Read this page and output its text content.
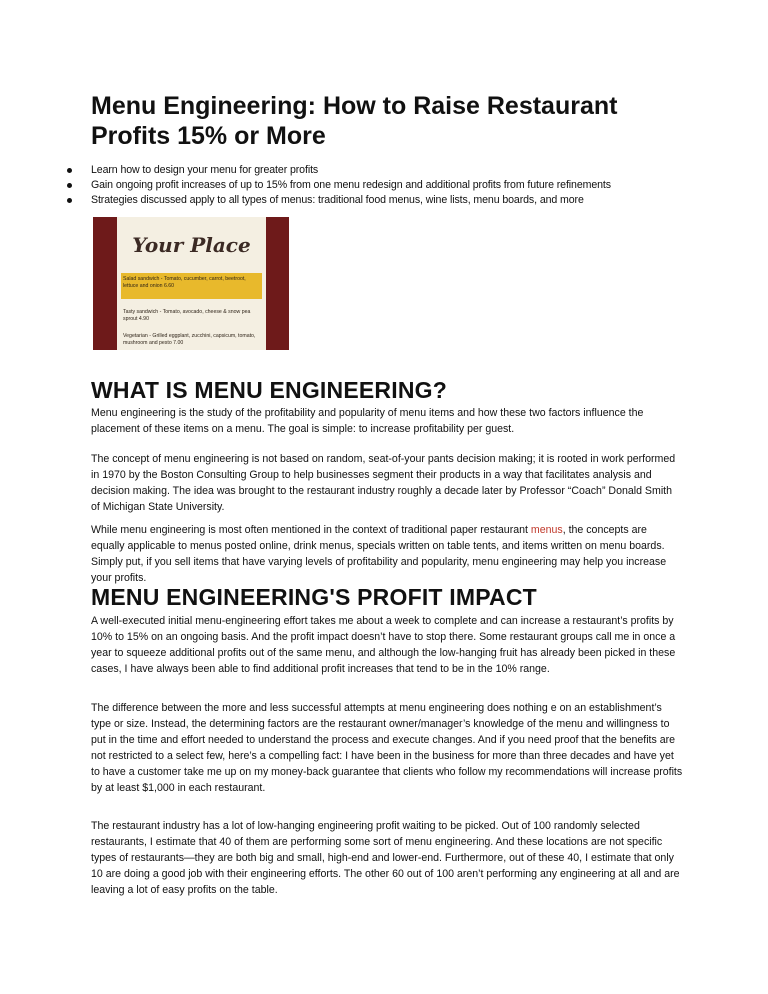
Menu Engineering: How to Raise Restaurant Profits 15% or More
Learn how to design your menu for greater profits
Gain ongoing profit increases of up to 15% from one menu redesign and additional profits from future refinements
Strategies discussed apply to all types of menus: traditional food menus, wine lists, menu boards, and more
Your Place
Salad sandwich - Tomato, cucumber, carrot, beetroot, lettuce and onion 6.60
Tasty sandwich - Tomato, avocado, cheese & snow pea sprout 4.90
Vegetarian - Grilled eggplant, zucchini, capsicum, tomato, mushroom and pesto 7.00
WHAT IS MENU ENGINEERING?

Menu engineering is the study of the profitability and popularity of menu items and how these two factors influence the placement of these items on a menu. The goal is simple: to increase profitability per guest.

The concept of menu engineering is not based on random, seat-of-your pants decision making; it is rooted in work performed in 1970 by the Boston Consulting Group to help businesses segment their products in a way that facilitates analysis and decision making. The idea was brought to the restaurant industry roughly a decade later by Professor “Coach” Donald Smith of Michigan State University.

While menu engineering is most often mentioned in the context of traditional paper restaurant menus, the concepts are equally applicable to menus posted online, drink menus, specials written on table tents, and items written on menu boards. Simply put, if you sell items that have varying levels of profitability and popularity, menu engineering may help you increase your profits.

MENU ENGINEERING'S PROFIT IMPACT

A well-executed initial menu-engineering effort takes me about a week to complete and can increase a restaurant’s profits by 10% to 15% on an ongoing basis. And the profit impact doesn’t have to stop there. Some restaurant groups call me in once a year to squeeze additional profits out of the same menu, and although the low-hanging fruit has already been picked in these cases, I have always been able to find additional profit increases that tend to be in the 10% range.

The difference between the more and less successful attempts at menu engineering does nothing e on an establishment’s type or size. Instead, the determining factors are the restaurant owner/manager’s knowledge of the menu and willingness to put in the time and effort needed to understand the process and execute changes. And if you need proof that the benefits are not restricted to a select few, here’s a compelling fact: I have been in the business for more than three decades and have yet to have a customer take me up on my money-back guarantee that clients who follow my recommendations will increase profits by at least $1,000 in each restaurant.

The restaurant industry has a lot of low-hanging engineering profit waiting to be picked. Out of 100 randomly selected restaurants, I estimate that 40 of them are performing some sort of menu engineering. And these locations are not specific types of restaurants—they are both big and small, high-end and lower-end. Furthermore, out of these 40, I estimate that only 10 are doing a good job with their engineering efforts. The other 60 out of 100 aren’t performing any engineering at all and are leaving a lot of easy profits on the table.
